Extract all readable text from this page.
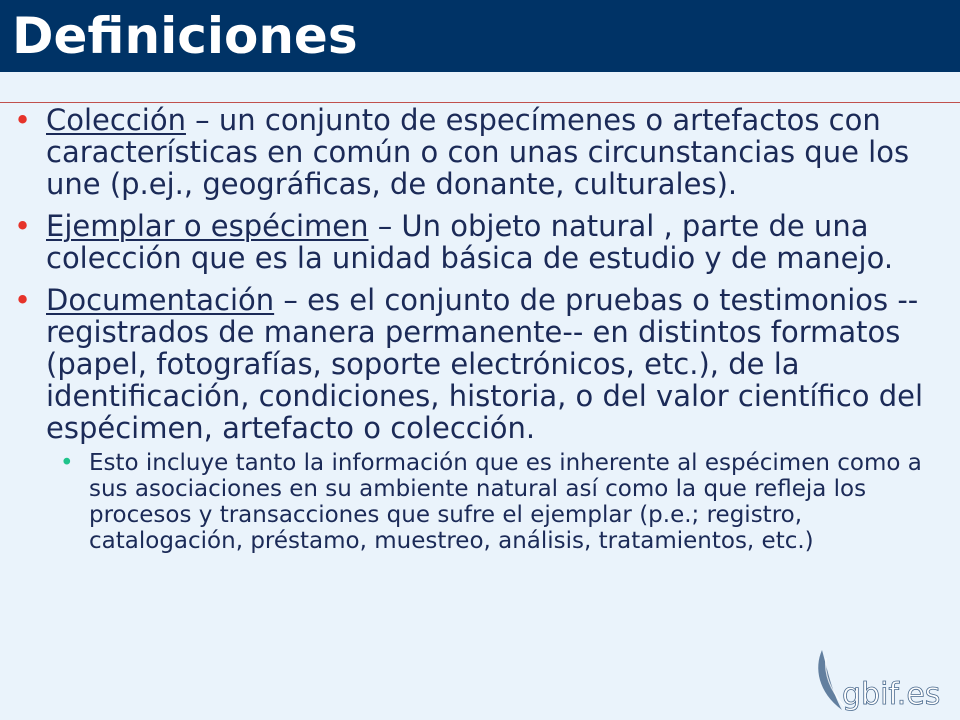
Definiciones
• Colección – un conjunto de especímenes o artefactos con características en común o con unas circunstancias que los une (p.ej., geográficas, de donante, culturales).
• Ejemplar o espécimen – Un objeto natural , parte de una colección que es la unidad básica de estudio y de manejo.
• Documentación – es el conjunto de pruebas o testimonios --registrados de manera permanente-- en distintos formatos (papel, fotografías, soporte electrónicos, etc.), de la identificación, condiciones, historia, o del valor científico del espécimen, artefacto o colección.
• Esto incluye tanto la información que es inherente al espécimen como a sus asociaciones en su ambiente natural así como la que refleja los procesos y transacciones que sufre el ejemplar (p.e.; registro, catalogación, préstamo, muestreo, análisis, tratamientos, etc.)
gbif.es
